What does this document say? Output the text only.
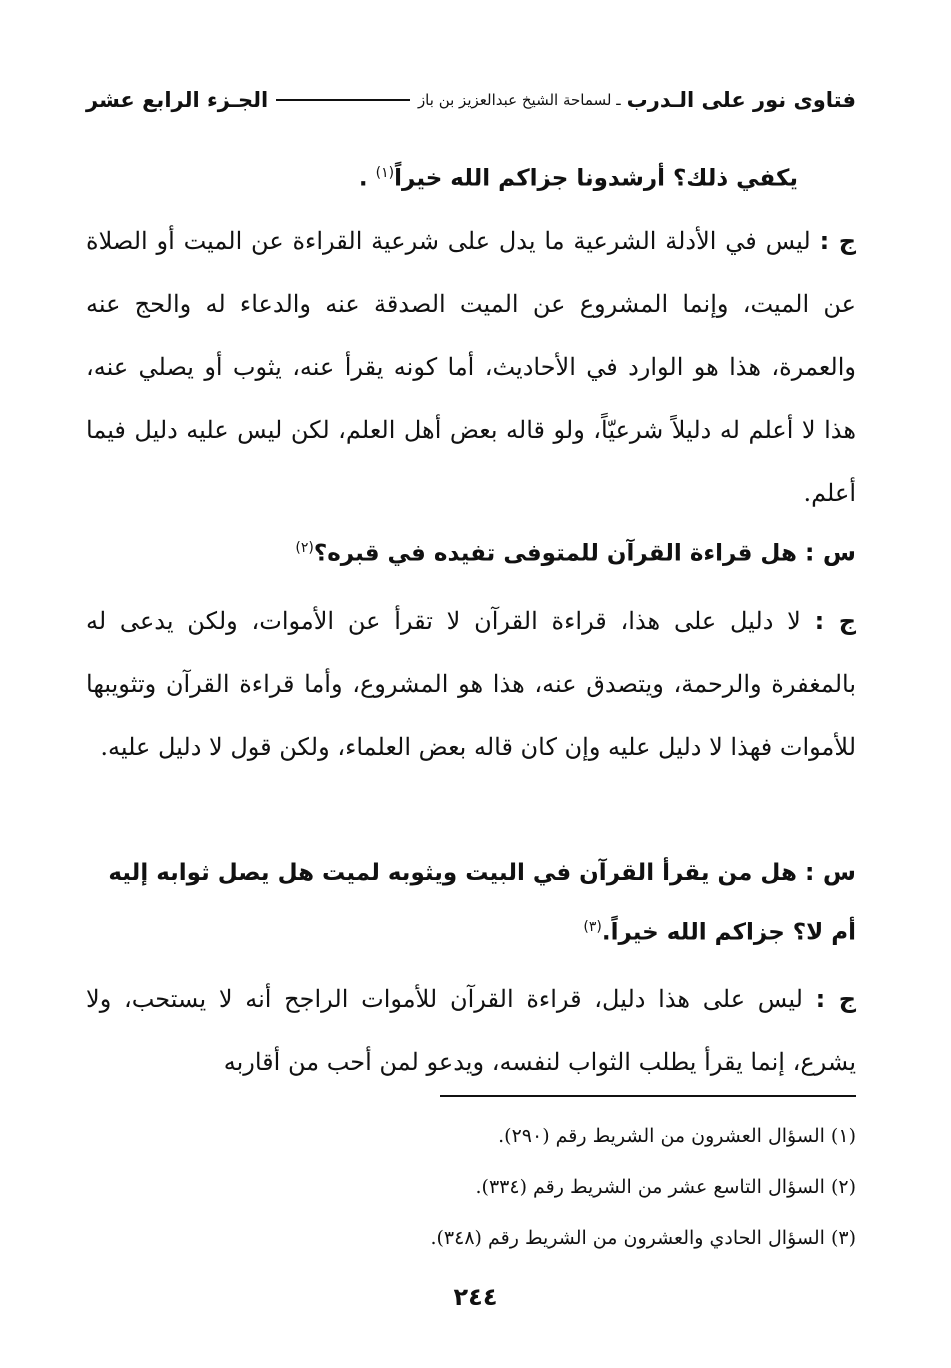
فتاوى نور على الـدرب
ـ لسماحة الشيخ عبدالعزيز بن باز
الجـزء الرابع عشر
يكفي ذلك؟ أرشدونا جزاكم الله خيراً$^{(١)}$ .
ج : ليس في الأدلة الشرعية ما يدل على شرعية القراءة عن الميت أو الصلاة عن الميت، وإنما المشروع عن الميت الصدقة عنه والدعاء له والحج عنه والعمرة، هذا هو الوارد في الأحاديث، أما كونه يقرأ عنه، يثوب أو يصلي عنه، هذا لا أعلم له دليلاً شرعيّاً، ولو قاله بعض أهل العلم، لكن ليس عليه دليل فيما أعلم.
س : هل قراءة القرآن للمتوفى تفيده في قبره؟$^{(٢)}$
ج : لا دليل على هذا، قراءة القرآن لا تقرأ عن الأموات، ولكن يدعى له بالمغفرة والرحمة، ويتصدق عنه، هذا هو المشروع، وأما قراءة القرآن وتثويبها للأموات فهذا لا دليل عليه وإن كان قاله بعض العلماء، ولكن قول لا دليل عليه.
س : هل من يقرأ القرآن في البيت ويثوبه لميت هل يصل ثوابه إليه أم لا؟ جزاكم الله خيراً.$^{(٣)}$
ج : ليس على هذا دليل، قراءة القرآن للأموات الراجح أنه لا يستحب، ولا يشرع، إنما يقرأ يطلب الثواب لنفسه، ويدعو لمن أحب من أقاربه
(١) السؤال العشرون من الشريط رقم (٢٩٠).
(٢) السؤال التاسع عشر من الشريط رقم (٣٣٤).
(٣) السؤال الحادي والعشرون من الشريط رقم (٣٤٨).
٢٤٤
